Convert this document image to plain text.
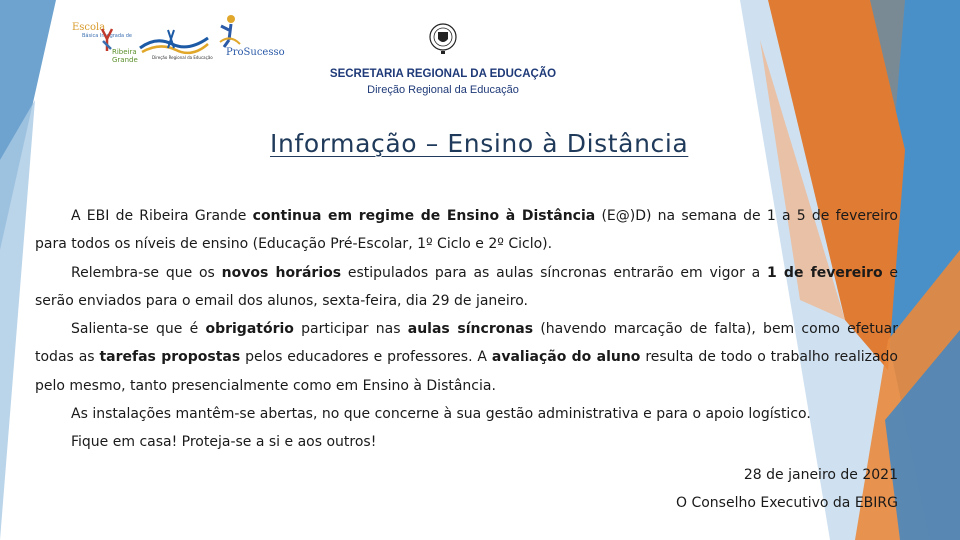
Escola
Básica Integrada de
Ribeira
Grande	Direção Regional da Educação ProSucesso
SECRETARIA REGIONAL DA EDUCAÇÃO
Direção Regional da Educação
Informação – Ensino à Distância

A EBI de Ribeira Grande continua em regime de Ensino à Distância (E@)D) na semana de 1 a 5 de fevereiro para todos os níveis de ensino (Educação Pré-Escolar, 1º Ciclo e 2º Ciclo).

Relembra-se que os novos horários estipulados para as aulas síncronas entrarão em vigor a 1 de fevereiro e serão enviados para o email dos alunos, sexta-feira, dia 29 de janeiro.

Salienta-se que é obrigatório participar nas aulas síncronas (havendo marcação de falta), bem como efetuar todas as tarefas propostas pelos educadores e professores. A avaliação do aluno resulta de todo o trabalho realizado pelo mesmo, tanto presencialmente como em Ensino à Distância.

As instalações mantêm-se abertas, no que concerne à sua gestão administrativa e para o apoio logístico.

Fique em casa! Proteja-se a si e aos outros!

28 de janeiro de 2021
O Conselho Executivo da EBIRG
